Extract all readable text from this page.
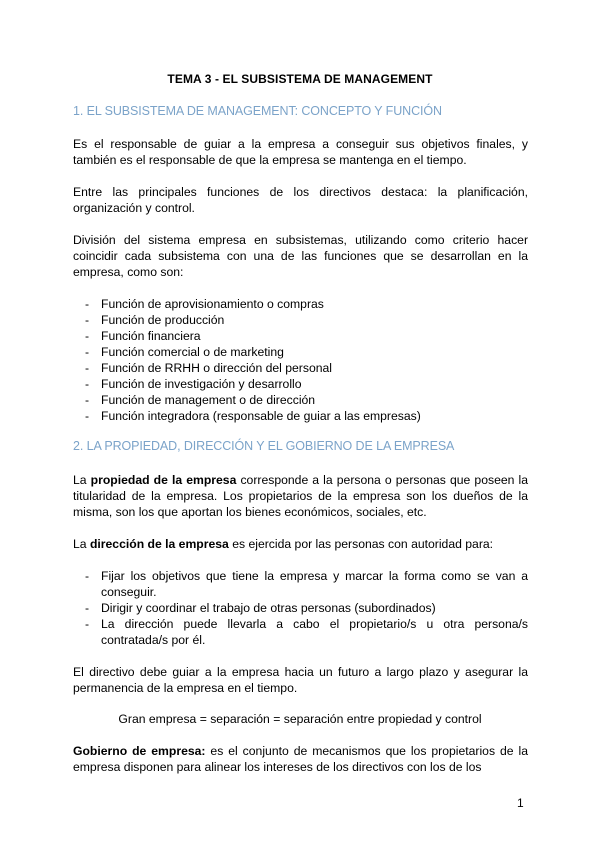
TEMA 3 - EL SUBSISTEMA DE MANAGEMENT
1. EL SUBSISTEMA DE MANAGEMENT: CONCEPTO Y FUNCIÓN

Es el responsable de guiar a la empresa a conseguir sus objetivos finales, y también es el responsable de que la empresa se mantenga en el tiempo.

Entre las principales funciones de los directivos destaca: la planificación, organización y control.

División del sistema empresa en subsistemas, utilizando como criterio hacer coincidir cada subsistema con una de las funciones que se desarrollan en la empresa, como son:

- Función de aprovisionamiento o compras
- Función de producción
- Función financiera
- Función comercial o de marketing
- Función de RRHH o dirección del personal
- Función de investigación y desarrollo
- Función de management o de dirección
- Función integradora (responsable de guiar a las empresas)
2. LA PROPIEDAD, DIRECCIÓN Y EL GOBIERNO DE LA EMPRESA

La propiedad de la empresa corresponde a la persona o personas que poseen la titularidad de la empresa. Los propietarios de la empresa son los dueños de la misma, son los que aportan los bienes económicos, sociales, etc.

La dirección de la empresa es ejercida por las personas con autoridad para:

- Fijar los objetivos que tiene la empresa y marcar la forma como se van a conseguir.
- Dirigir y coordinar el trabajo de otras personas (subordinados)
- La dirección puede llevarla a cabo el propietario/s u otra persona/s contratada/s por él.

El directivo debe guiar a la empresa hacia un futuro a largo plazo y asegurar la permanencia de la empresa en el tiempo.

Gran empresa = separación = separación entre propiedad y control

Gobierno de empresa: es el conjunto de mecanismos que los propietarios de la empresa disponen para alinear los intereses de los directivos con los de los

1
